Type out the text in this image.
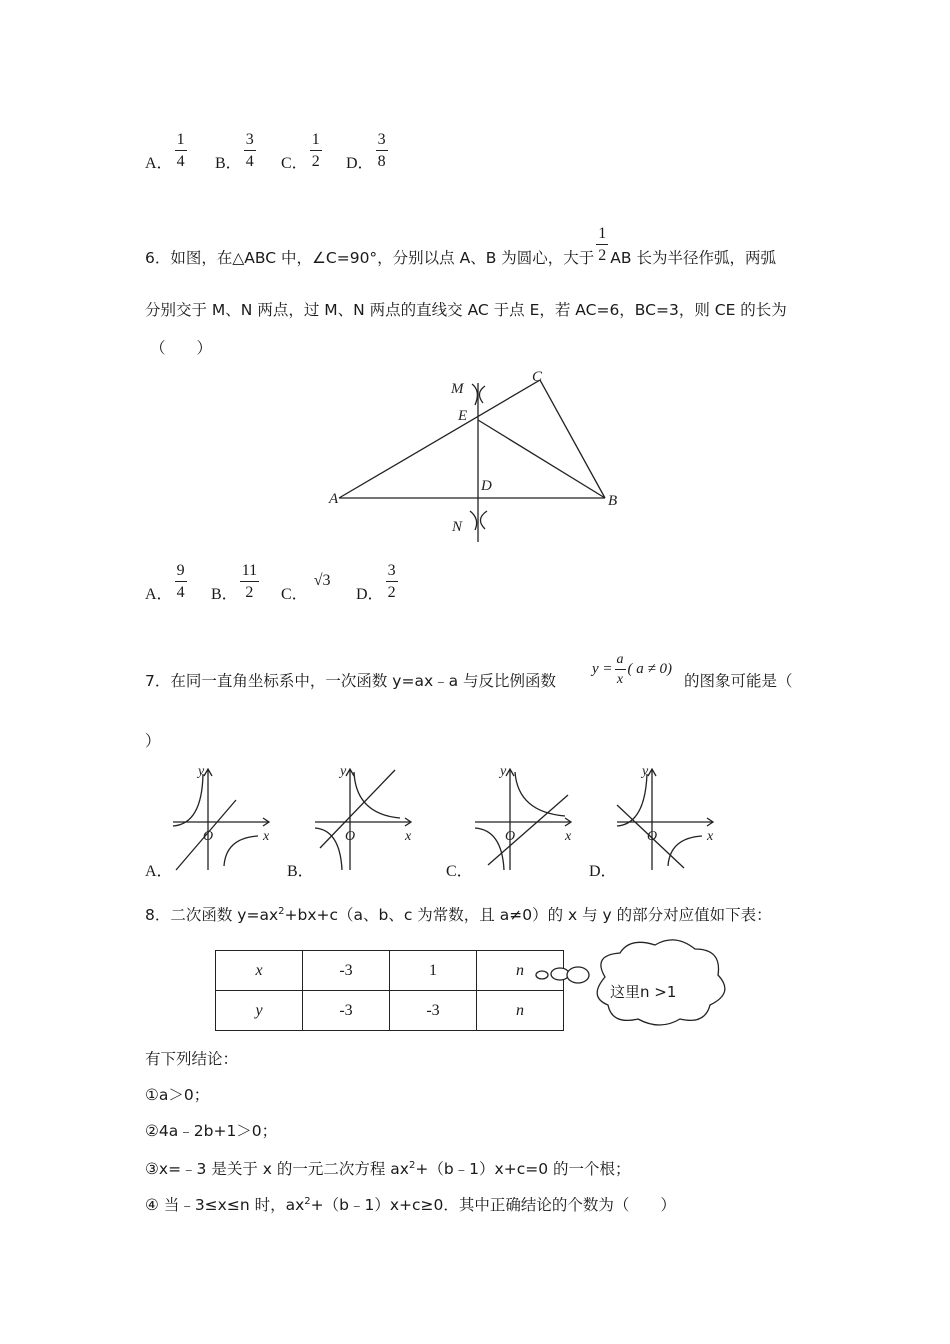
A． $\frac{1}{4}$ B． $\frac{3}{4}$ C． $\frac{1}{2}$ D． $\frac{3}{8}$
6．如图，在△ABC 中，∠C=90°，分别以点 A、B 为圆心，大于 $\frac{1}{2}$ AB 长为半径作弧，两弧
分别交于 M、N 两点，过 M、N 两点的直线交 AC 于点 E，若 AC=6，BC=3，则 CE 的长为
（　　）
M
C
E
D
A	B
N
A． $\frac{9}{4}$ B． $\frac{11}{2}$ C．√3
D． $\frac{3}{2}$
7．在同一直角坐标系中，一次函数 y=ax﹣a 与反比例函数
$y = \frac{a}{x}$ ( a ≠ 0)
的图象可能是（
）
y
x
O
y
x
O
y
x
O
y
x
O
A．	B．	C．	D．
8．二次函数 $y=ax^2+bx+c(a$、b、c 为常数，且 a≠0）的 x 与 y 的部分对应值如下表：
x	-3	1	n
y	-3	-3	n
这里n >1
有下列结论：
①a＞0；
②4a﹣2b+1＞0；
③x=﹣3 是关于 x 的一元二次方程 $ax^2+(b﹣1)x+c=0$ 的一个根；
④ 当﹣3≤x≤n 时，$ax^2+(b﹣1)x+c\ge 0$．其中正确结论的个数为（　　）
